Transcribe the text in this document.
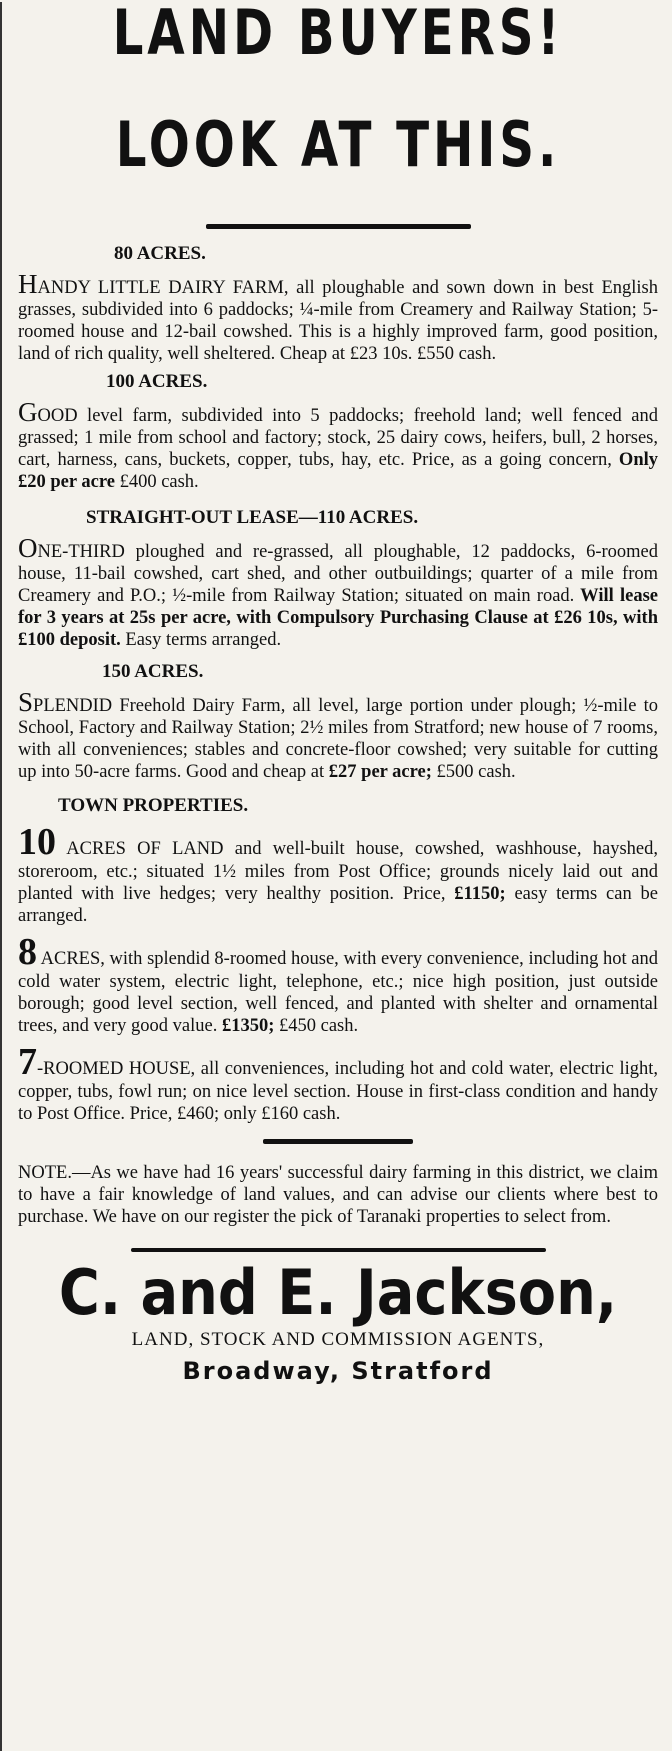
LAND BUYERS!
LOOK AT THIS.
80 ACRES.

HANDY LITTLE DAIRY FARM, all ploughable and sown down in best English grasses, subdivided into 6 paddocks; ¼-mile from Creamery and Railway Station; 5-roomed house and 12-bail cowshed. This is a highly improved farm, good position, land of rich quality, well sheltered. Cheap at £23 10s. £550 cash.

100 ACRES.

GOOD level farm, subdivided into 5 paddocks; freehold land; well fenced and grassed; 1 mile from school and factory; stock, 25 dairy cows, heifers, bull, 2 horses, cart, harness, cans, buckets, copper, tubs, hay, etc. Price, as a going concern, Only £20 per acre £400 cash.

STRAIGHT-OUT LEASE—110 ACRES.

ONE-THIRD ploughed and re-grassed, all ploughable, 12 paddocks, 6-roomed house, 11-bail cowshed, cart shed, and other outbuildings; quarter of a mile from Creamery and P.O.; ½-mile from Railway Station; situated on main road. Will lease for 3 years at 25s per acre, with Compulsory Purchasing Clause at £26 10s, with £100 deposit. Easy terms arranged.

150 ACRES.

SPLENDID Freehold Dairy Farm, all level, large portion under plough; ½-mile to School, Factory and Railway Station; 2½ miles from Stratford; new house of 7 rooms, with all conveniences; stables and concrete-floor cowshed; very suitable for cutting up into 50-acre farms. Good and cheap at £27 per acre; £500 cash.

TOWN PROPERTIES.

10 ACRES OF LAND and well-built house, cowshed, washhouse, hayshed, storeroom, etc.; situated 1½ miles from Post Office; grounds nicely laid out and planted with live hedges; very healthy position. Price, £1150; easy terms can be arranged.

8 ACRES, with splendid 8-roomed house, with every convenience, including hot and cold water system, electric light, telephone, etc.; nice high position, just outside borough; good level section, well fenced, and planted with shelter and ornamental trees, and very good value. £1350; £450 cash.

7-ROOMED HOUSE, all conveniences, including hot and cold water, electric light, copper, tubs, fowl run; on nice level section. House in first-class condition and handy to Post Office. Price, £460; only £160 cash.

NOTE.—As we have had 16 years' successful dairy farming in this district, we claim to have a fair knowledge of land values, and can advise our clients where best to purchase. We have on our register the pick of Taranaki properties to select from.

C. and E. Jackson,
LAND, STOCK AND COMMISSION AGENTS,
Broadway, Stratford
